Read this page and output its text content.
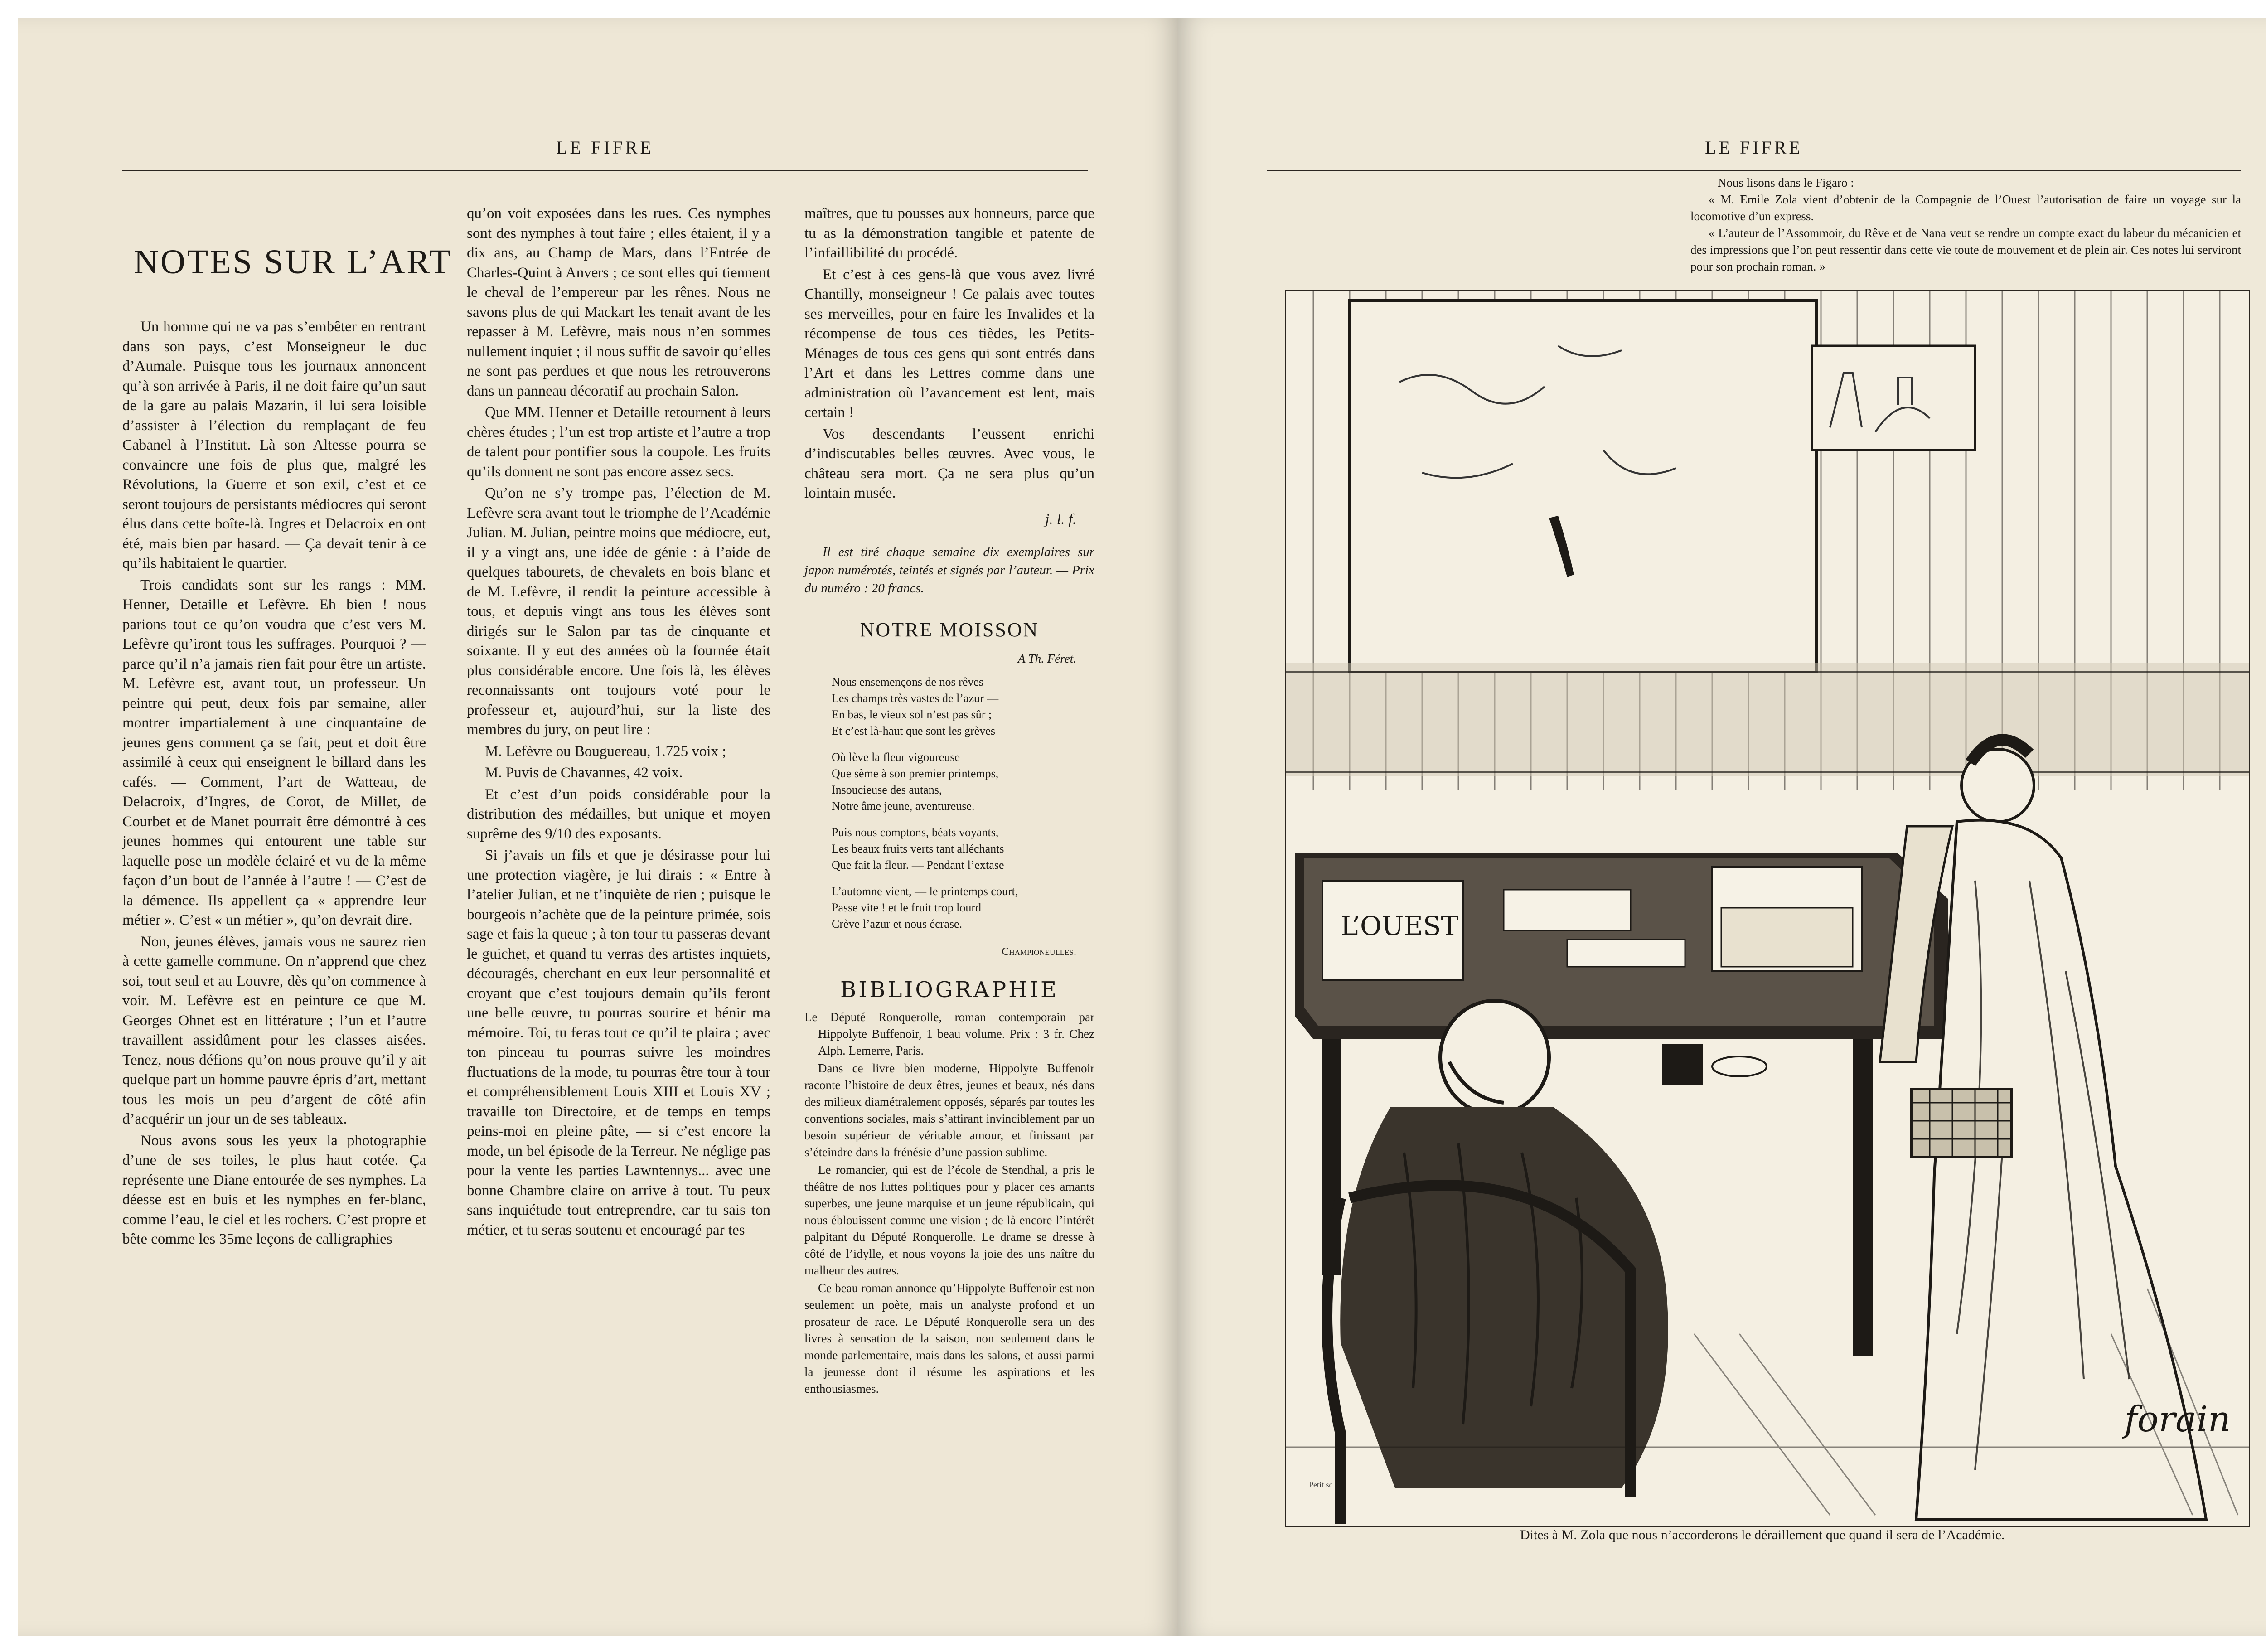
LE FIFRE
NOTES SUR L’ART

Un homme qui ne va pas s’embêter en rentrant dans son pays, c’est Monseigneur le duc d’Aumale. Puisque tous les journaux annoncent qu’à son arrivée à Paris, il ne doit faire qu’un saut de la gare au palais Mazarin, il lui sera loisible d’assister à l’élection du remplaçant de feu Cabanel à l’Institut. Là son Altesse pourra se convaincre une fois de plus que, malgré les Révolutions, la Guerre et son exil, c’est et ce seront toujours de persistants médiocres qui seront élus dans cette boîte-là. Ingres et Delacroix en ont été, mais bien par hasard. — Ça devait tenir à ce qu’ils habitaient le quartier.

Trois candidats sont sur les rangs : MM. Henner, Detaille et Lefèvre. Eh bien ! nous parions tout ce qu’on voudra que c’est vers M. Lefèvre qu’iront tous les suffrages. Pourquoi ? — parce qu’il n’a jamais rien fait pour être un artiste. M. Lefèvre est, avant tout, un professeur. Un peintre qui peut, deux fois par semaine, aller montrer impartialement à une cinquantaine de jeunes gens comment ça se fait, peut et doit être assimilé à ceux qui enseignent le billard dans les cafés. — Comment, l’art de Watteau, de Delacroix, d’Ingres, de Corot, de Millet, de Courbet et de Manet pourrait être démontré à ces jeunes hommes qui entourent une table sur laquelle pose un modèle éclairé et vu de la même façon d’un bout de l’année à l’autre ! — C’est de la démence. Ils appellent ça « apprendre leur métier ». C’est « un métier », qu’on devrait dire.

Non, jeunes élèves, jamais vous ne saurez rien à cette gamelle commune. On n’apprend que chez soi, tout seul et au Louvre, dès qu’on commence à voir. M. Lefèvre est en peinture ce que M. Georges Ohnet est en littérature ; l’un et l’autre travaillent assidûment pour les classes aisées. Tenez, nous défions qu’on nous prouve qu’il y ait quelque part un homme pauvre épris d’art, mettant tous les mois un peu d’argent de côté afin d’acquérir un jour un de ses tableaux.

Nous avons sous les yeux la photographie d’une de ses toiles, le plus haut cotée. Ça représente une Diane entourée de ses nymphes. La déesse est en buis et les nymphes en fer-blanc, comme l’eau, le ciel et les rochers. C’est propre et bête comme les 35me leçons de calligraphies

qu’on voit exposées dans les rues. Ces nymphes sont des nymphes à tout faire ; elles étaient, il y a dix ans, au Champ de Mars, dans l’Entrée de Charles-Quint à Anvers ; ce sont elles qui tiennent le cheval de l’empereur par les rênes. Nous ne savons plus de qui Mackart les tenait avant de les repasser à M. Lefèvre, mais nous n’en sommes nullement inquiet ; il nous suffit de savoir qu’elles ne sont pas perdues et que nous les retrouverons dans un panneau décoratif au prochain Salon.

Que MM. Henner et Detaille retournent à leurs chères études ; l’un est trop artiste et l’autre a trop de talent pour pontifier sous la coupole. Les fruits qu’ils donnent ne sont pas encore assez secs.

Qu’on ne s’y trompe pas, l’élection de M. Lefèvre sera avant tout le triomphe de l’Académie Julian. M. Julian, peintre moins que médiocre, eut, il y a vingt ans, une idée de génie : à l’aide de quelques tabourets, de chevalets en bois blanc et de M. Lefèvre, il rendit la peinture accessible à tous, et depuis vingt ans tous les élèves sont dirigés sur le Salon par tas de cinquante et soixante. Il y eut des années où la fournée était plus considérable encore. Une fois là, les élèves reconnaissants ont toujours voté pour le professeur et, aujourd’hui, sur la liste des membres du jury, on peut lire :

M. Lefèvre ou Bouguereau, 1.725 voix ;

M. Puvis de Chavannes, 42 voix.

Et c’est d’un poids considérable pour la distribution des médailles, but unique et moyen suprême des 9/10 des exposants.

Si j’avais un fils et que je désirasse pour lui une protection viagère, je lui dirais : « Entre à l’atelier Julian, et ne t’inquiète de rien ; puisque le bourgeois n’achète que de la peinture primée, sois sage et fais la queue ; à ton tour tu passeras devant le guichet, et quand tu verras des artistes inquiets, découragés, cherchant en eux leur personnalité et croyant que c’est toujours demain qu’ils feront une belle œuvre, tu pourras sourire et bénir ma mémoire. Toi, tu feras tout ce qu’il te plaira ; avec ton pinceau tu pourras suivre les moindres fluctuations de la mode, tu pourras être tour à tour et compréhensiblement Louis XIII et Louis XV ; travaille ton Directoire, et de temps en temps peins-moi en pleine pâte, — si c’est encore la mode, un bel épisode de la Terreur. Ne néglige pas pour la vente les parties Lawntennys... avec une bonne Chambre claire on arrive à tout. Tu peux sans inquiétude tout entreprendre, car tu sais ton métier, et tu seras soutenu et encouragé par tes

maîtres, que tu pousses aux honneurs, parce que tu as la démonstration tangible et patente de l’infaillibilité du procédé.

Et c’est à ces gens-là que vous avez livré Chantilly, monseigneur ! Ce palais avec toutes ses merveilles, pour en faire les Invalides et la récompense de tous ces tièdes, les Petits-Ménages de tous ces gens qui sont entrés dans l’Art et dans les Lettres comme dans une administration où l’avancement est lent, mais certain !

Vos descendants l’eussent enrichi d’indiscutables belles œuvres. Avec vous, le château sera mort. Ça ne sera plus qu’un lointain musée.

j. l. f.

Il est tiré chaque semaine dix exemplaires sur japon numérotés, teintés et signés par l’auteur. — Prix du numéro : 20 francs.

NOTRE MOISSON
A Th. Féret.
Nous ensemençons de nos rêves
Les champs très vastes de l’azur —
En bas, le vieux sol n’est pas sûr ;
Et c’est là-haut que sont les grèves
Où lève la fleur vigoureuse
Que sème à son premier printemps,
Insoucieuse des autans,
Notre âme jeune, aventureuse.
Puis nous comptons, béats voyants,
Les beaux fruits verts tant alléchants
Que fait la fleur. — Pendant l’extase
L’automne vient, — le printemps court,
Passe vite ! et le fruit trop lourd
Crève l’azur et nous écrase.
Championeulles.
BIBLIOGRAPHIE

Le Député Ronquerolle, roman contemporain par Hippolyte Buffenoir, 1 beau volume. Prix : 3 fr. Chez Alph. Lemerre, Paris.

Dans ce livre bien moderne, Hippolyte Buffenoir raconte l’histoire de deux êtres, jeunes et beaux, nés dans des milieux diamétralement opposés, séparés par toutes les conventions sociales, mais s’attirant invinciblement par un besoin supérieur de véritable amour, et finissant par s’éteindre dans la frénésie d’une passion sublime.

Le romancier, qui est de l’école de Stendhal, a pris le théâtre de nos luttes politiques pour y placer ces amants superbes, une jeune marquise et un jeune républicain, qui nous éblouissent comme une vision ; de là encore l’intérêt palpitant du Député Ronquerolle. Le drame se dresse à côté de l’idylle, et nous voyons la joie des uns naître du malheur des autres.

Ce beau roman annonce qu’Hippolyte Buffenoir est non seulement un poète, mais un analyste profond et un prosateur de race. Le Député Ronquerolle sera un des livres à sensation de la saison, non seulement dans le monde parlementaire, mais dans les salons, et aussi parmi la jeunesse dont il résume les aspirations et les enthousiasmes.

LE FIFRE

Nous lisons dans le Figaro :

« M. Emile Zola vient d’obtenir de la Compagnie de l’Ouest l’autorisation de faire un voyage sur la locomotive d’un express.

« L’auteur de l’Assommoir, du Rêve et de Nana veut se rendre un compte exact du labeur du mécanicien et des impressions que l’on peut ressentir dans cette vie toute de mouvement et de plein air. Ces notes lui serviront pour son prochain roman. »

L’OUEST
forain
Petit.sc
— Dites à M. Zola que nous n’accorderons le déraillement que quand il sera de l’Académie.
